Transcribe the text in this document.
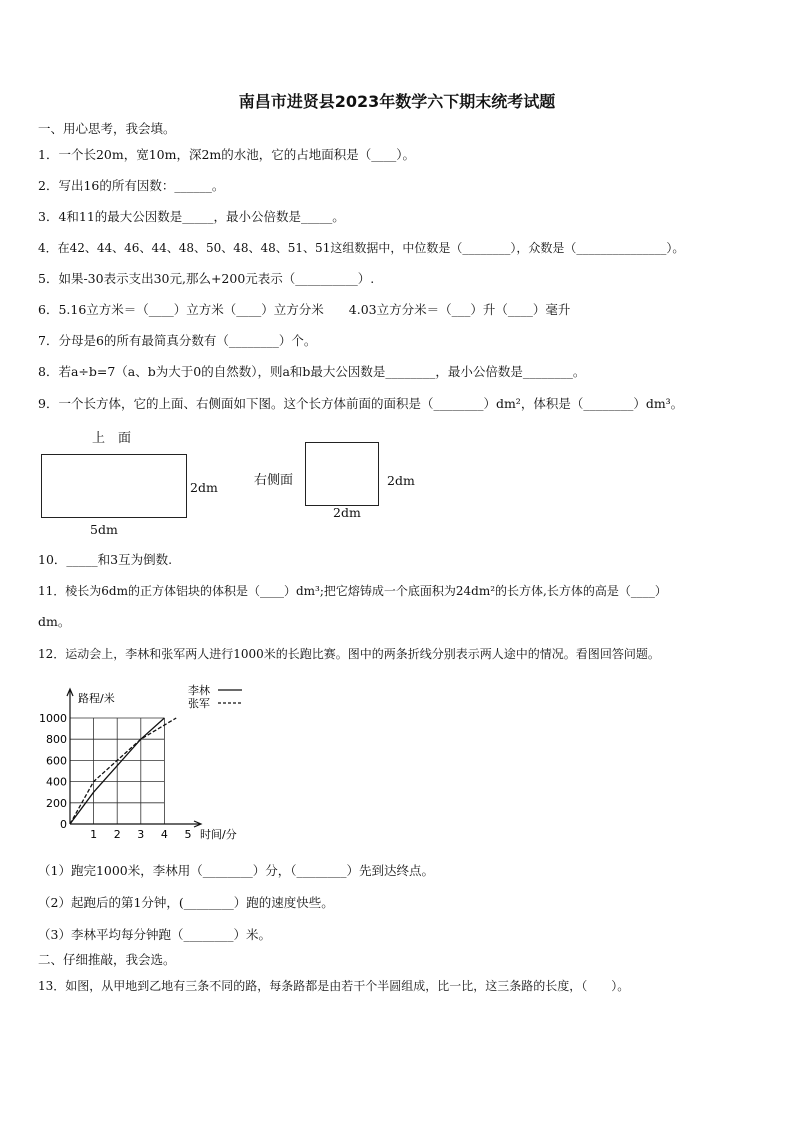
南昌市进贤县2023年数学六下期末统考试题
一、用心思考，我会填。
1．一个长20m，宽10m，深2m的水池，它的占地面积是（____）。
2．写出16的所有因数：______。
3．4和11的最大公因数是_____，最小公倍数是_____。
4．在42、44、46、44、48、50、48、48、51、51这组数据中，中位数是（________），众数是（_______________）。
5．如果-30表示支出30元,那么+200元表示（__________）.
6．5.16立方米＝（____）立方米（____）立方分米　　4.03立方分米＝（___）升（____）毫升
7．分母是6的所有最简真分数有（________）个。
8．若a÷b=7（a、b为大于0的自然数），则a和b最大公因数是________，最小公倍数是________。
9．一个长方体，它的上面、右侧面如下图。这个长方体前面的面积是（________）dm²，体积是（________）dm³。
上　面
2dm
5dm
右侧面	2dm
2dm
10．_____和3互为倒数.
11．棱长为6dm的正方体铝块的体积是（____）dm³;把它熔铸成一个底面积为24dm²的长方体,长方体的高是（____）
dm。
12．运动会上，李林和张军两人进行1000米的长跑比赛。图中的两条折线分别表示两人途中的情况。看图回答问题。
0
200
400
600
800
1000
1 2 3 4 5
路程/米
时间/分
李林
张军
（1）跑完1000米，李林用（________）分，（________）先到达终点。
（2）起跑后的第1分钟，(________）跑的速度快些。
（3）李林平均每分钟跑（________）米。
二、仔细推敲，我会选。
13．如图，从甲地到乙地有三条不同的路，每条路都是由若干个半圆组成，比一比，这三条路的长度，（　　）。
